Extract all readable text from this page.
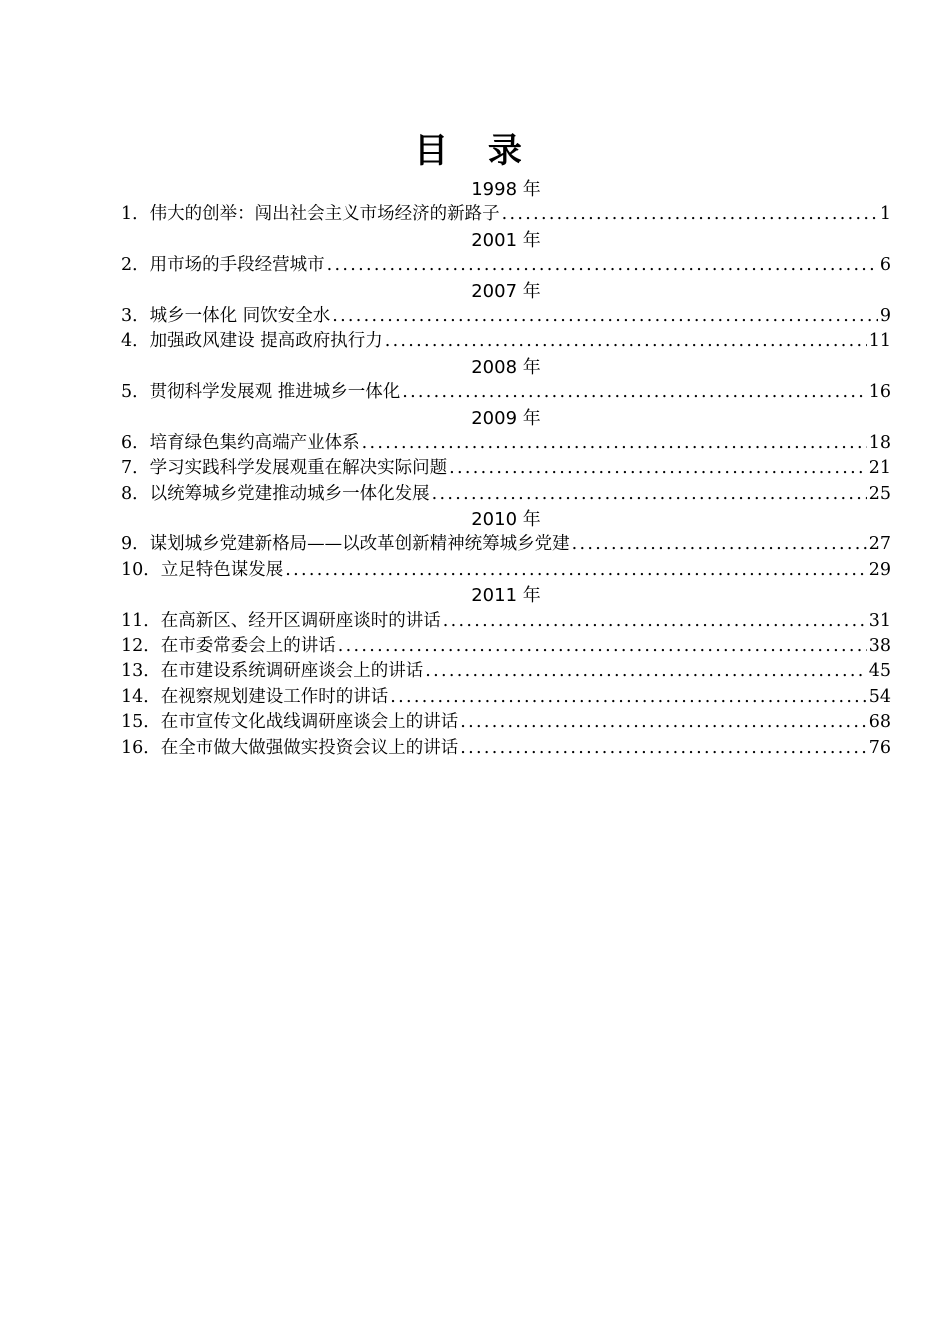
目 录
1998 年
1． 伟大的创举：闯出社会主义市场经济的新路子 .....	1
2001 年
2． 用市场的手段经营城市 .....	6
2007 年
3． 城乡一体化 同饮安全水 .....	9
4． 加强政风建设 提高政府执行力 .....	11
2008 年
5． 贯彻科学发展观 推进城乡一体化 .....	16
2009 年
6． 培育绿色集约高端产业体系 .....	18
7． 学习实践科学发展观重在解决实际问题 .....	21
8． 以统筹城乡党建推动城乡一体化发展 .....	25
2010 年
9． 谋划城乡党建新格局——以改革创新精神统筹城乡党建 .....	27
10． 立足特色谋发展 .....	29
2011 年
11． 在高新区、经开区调研座谈时的讲话 .....	31
12． 在市委常委会上的讲话 .....	38
13． 在市建设系统调研座谈会上的讲话 .....	45
14． 在视察规划建设工作时的讲话 .....	54
15． 在市宣传文化战线调研座谈会上的讲话 .....	68
16． 在全市做大做强做实投资会议上的讲话 .....	76
